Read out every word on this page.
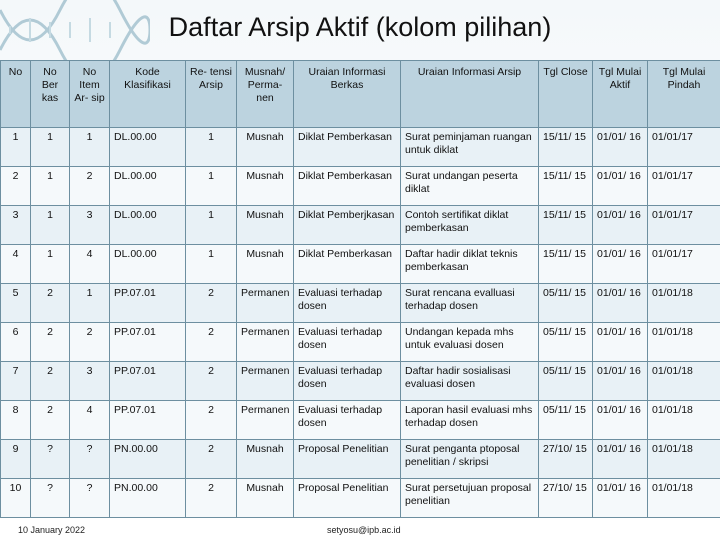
Daftar Arsip Aktif (kolom pilihan)
No	No Ber kas	No Item Ar- sip	Kode Klasifikasi	Re- tensi Arsip	Musnah/ Perma- nen	Uraian Informasi Berkas	Uraian Informasi Arsip	Tgl Close	Tgl Mulai Aktif	Tgl Mulai Pindah
1	1	1	DL.00.00	1	Musnah	Diklat Pemberkasan	Surat peminjaman ruangan untuk diklat	15/11/ 15	01/01/ 16	01/01/17
2	1	2	DL.00.00	1	Musnah	Diklat Pemberkasan	Surat undangan peserta diklat	15/11/ 15	01/01/ 16	01/01/17
3	1	3	DL.00.00	1	Musnah	Diklat Pemberjkasan	Contoh sertifikat diklat pemberkasan	15/11/ 15	01/01/ 16	01/01/17
4	1	4	DL.00.00	1	Musnah	Diklat Pemberkasan	Daftar hadir diklat teknis pemberkasan	15/11/ 15	01/01/ 16	01/01/17
5	2	1	PP.07.01	2	Permanen	Evaluasi terhadap dosen	Surat rencana evalluasi terhadap dosen	05/11/ 15	01/01/ 16	01/01/18
6	2	2	PP.07.01	2	Permanen	Evaluasi terhadap dosen	Undangan kepada mhs untuk evaluasi dosen	05/11/ 15	01/01/ 16	01/01/18
7	2	3	PP.07.01	2	Permanen	Evaluasi terhadap dosen	Daftar hadir sosialisasi evaluasi dosen	05/11/ 15	01/01/ 16	01/01/18
8	2	4	PP.07.01	2	Permanen	Evaluasi terhadap dosen	Laporan hasil evaluasi mhs terhadap dosen	05/11/ 15	01/01/ 16	01/01/18
9	?	?	PN.00.00	2	Musnah	Proposal Penelitian	Surat penganta ptoposal penelitian / skripsi	27/10/ 15	01/01/ 16	01/01/18
10	?	?	PN.00.00	2	Musnah	Proposal Penelitian	Surat persetujuan proposal penelitian	27/10/ 15	01/01/ 16	01/01/18
10 January 2022	setyosu@ipb.ac.id
